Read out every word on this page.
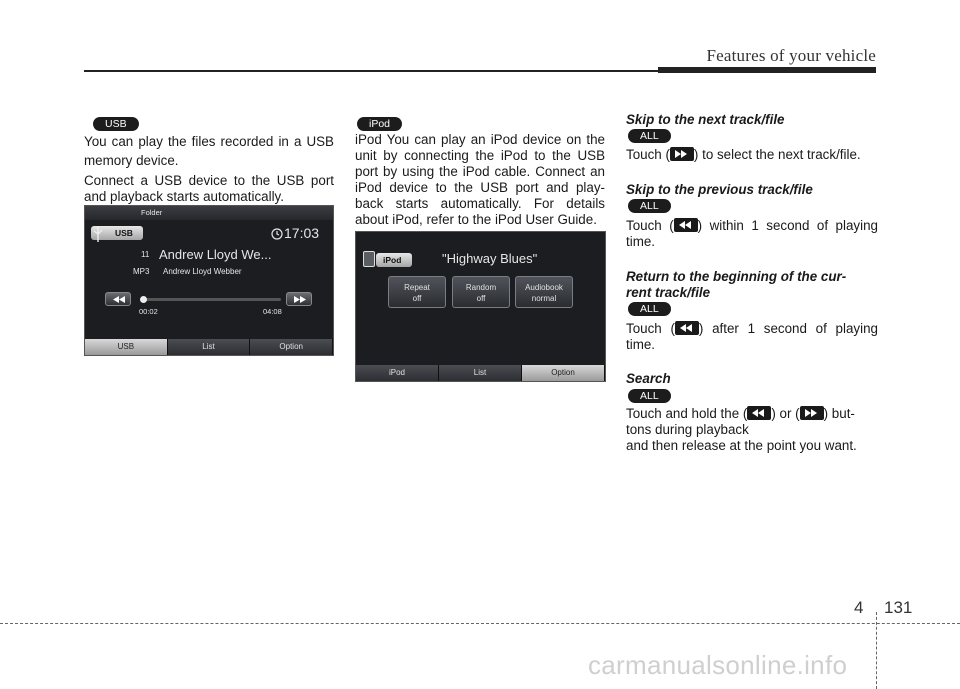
Features of your vehicle
USB

You can play the files recorded in a USB memory device.

Connect a USB device to the USB port and playback starts automatically.

Folder
USB	17:03
11 Andrew Lloyd We...
MP3 Andrew Lloyd Webber
00:02	04:08
USB	List	Option
iPod

iPod You can play an iPod device on the unit by connecting the iPod to the USB port by using the iPod cable. Connect an iPod device to the USB port and play-back starts automatically. For details about iPod, refer to the iPod User Guide.

iPod	"Highway Blues"
Repeat
off
Random
off
Audiobook
normal
iPod	List	Option
Skip to the next track/file
ALL
Touch ( ) to select the next track/file.
Skip to the previous track/file
ALL

Touch ( ) within 1 second of playing time.

Return to the beginning of the cur-
rent track/file
ALL

Touch ( ) after 1 second of playing time.

Search
ALL
Touch and hold the ( ) or ( ) but-
tons during playback
and then release at the point you want.
4 131
carmanualsonline.info
